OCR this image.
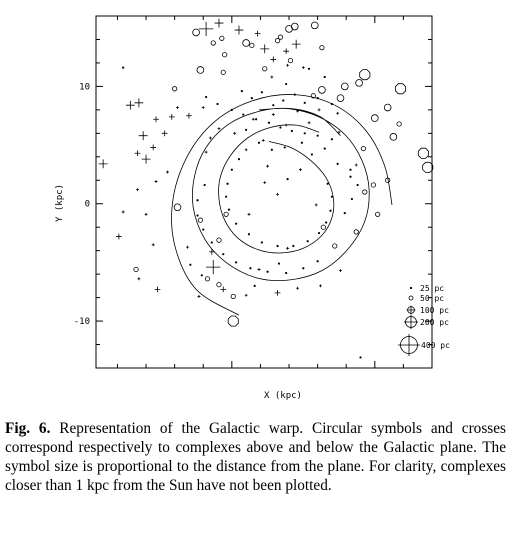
25 pc
50 pc
100 pc
200 pc
400 pc
10
0
-10
Y (kpc)
X (kpc)
Fig. 6. Representation of the Galactic warp. Circular symbols and crosses correspond respectively to complexes above and below the Galactic plane. The symbol size is proportional to the distance from the plane. For clarity, complexes closer than 1 kpc from the Sun have not been plotted.
